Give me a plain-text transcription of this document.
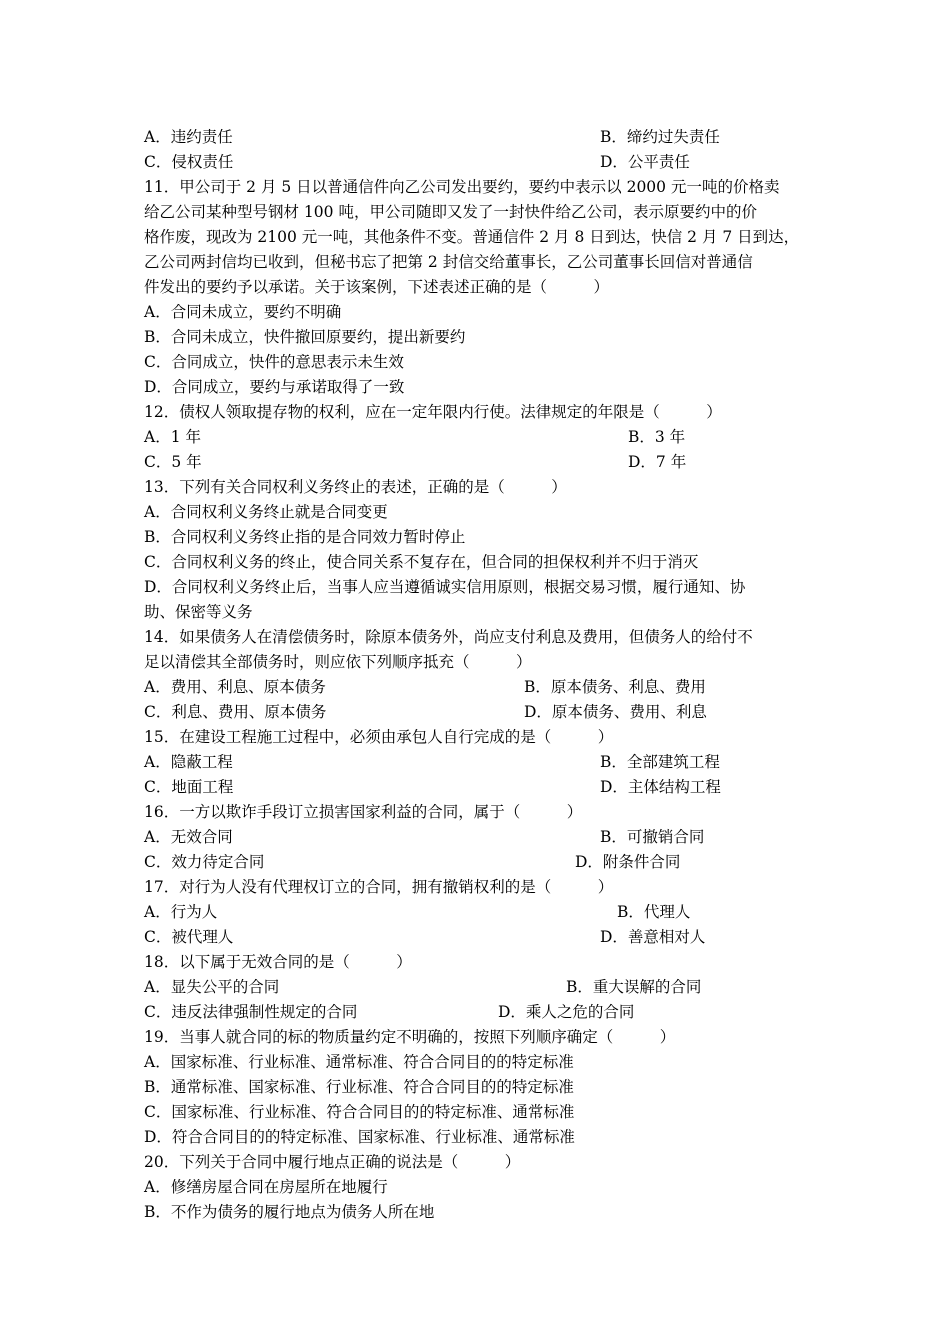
A．违约责任
C．侵权责任
11．甲公司于 2 月 5 日以普通信件向乙公司发出要约，要约中表示以 2000 元一吨的价格卖
给乙公司某种型号钢材 100 吨，甲公司随即又发了一封快件给乙公司，表示原要约中的价
格作废，现改为 2100 元一吨，其他条件不变。普通信件 2 月 8 日到达，快信 2 月 7 日到达，
乙公司两封信均已收到，但秘书忘了把第 2 封信交给董事长，乙公司董事长回信对普通信
件发出的要约予以承诺。关于该案例，下述表述正确的是（　　　）
A．合同未成立，要约不明确
B．合同未成立，快件撤回原要约，提出新要约
C．合同成立，快件的意思表示未生效
D．合同成立，要约与承诺取得了一致
12．债权人领取提存物的权利，应在一定年限内行使。法律规定的年限是（　　　）
A．1 年
C．5 年
13．下列有关合同权利义务终止的表述，正确的是（　　　）
A．合同权利义务终止就是合同变更
B．合同权利义务终止指的是合同效力暂时停止
C．合同权利义务的终止，使合同关系不复存在，但合同的担保权利并不归于消灭
D．合同权利义务终止后，当事人应当遵循诚实信用原则，根据交易习惯，履行通知、协
助、保密等义务
14．如果债务人在清偿债务时，除原本债务外，尚应支付利息及费用，但债务人的给付不
足以清偿其全部债务时，则应依下列顺序抵充（　　　）
A．费用、利息、原本债务
C．利息、费用、原本债务
15．在建设工程施工过程中，必须由承包人自行完成的是（　　　）
A．隐蔽工程
C．地面工程
16．一方以欺诈手段订立损害国家利益的合同，属于（　　　）
A．无效合同
C．效力待定合同
17．对行为人没有代理权订立的合同，拥有撤销权利的是（　　　）
A．行为人
C．被代理人
18．以下属于无效合同的是（　　　）
A．显失公平的合同
C．违反法律强制性规定的合同
19．当事人就合同的标的物质量约定不明确的，按照下列顺序确定（　　　）
A．国家标准、行业标准、通常标准、符合合同目的的特定标准
B．通常标准、国家标准、行业标准、符合合同目的的特定标准
C．国家标准、行业标准、符合合同目的的特定标准、通常标准
D．符合合同目的的特定标准、国家标准、行业标准、通常标准
20．下列关于合同中履行地点正确的说法是（　　　）
A．修缮房屋合同在房屋所在地履行
B．不作为债务的履行地点为债务人所在地
B．缔约过失责任
D．公平责任
B．3 年
D．7 年
B．原本债务、利息、费用
D．原本债务、费用、利息
B．全部建筑工程
D．主体结构工程
B．可撤销合同
D．附条件合同
B．代理人
D．善意相对人
B．重大误解的合同
D．乘人之危的合同
